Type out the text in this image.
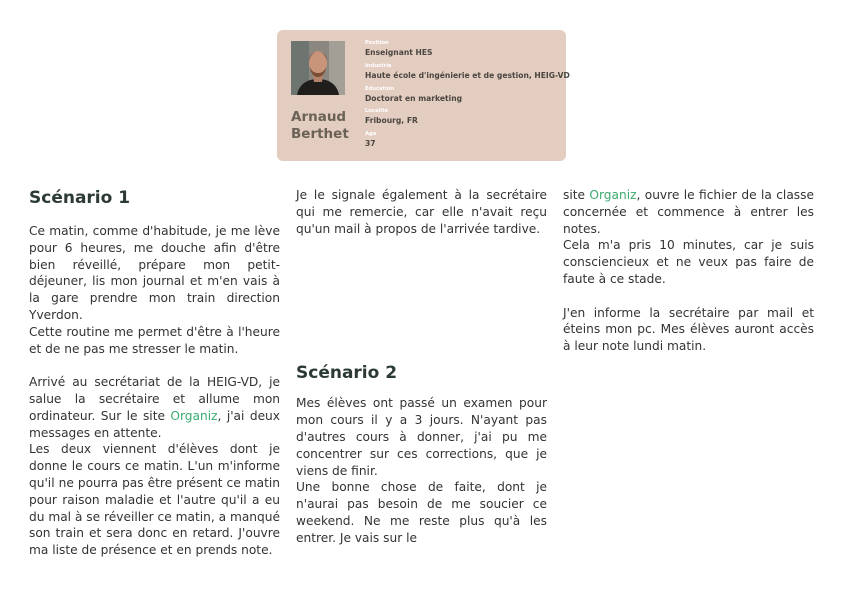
Arnaud
Berthet
Position
Enseignant HES
Industrie
Haute école d'ingénierie et de gestion, HEIG-VD
Education
Doctorat en marketing
Localité
Fribourg, FR
Age
37
Scénario 1

Ce matin, comme d'habitude, je me lève pour 6 heures, me douche afin d'être bien réveillé, prépare mon petit-déjeuner, lis mon journal et m'en vais à la gare prendre mon train direction Yverdon.

Cette routine me permet d'être à l'heure et de ne pas me stresser le matin.

Arrivé au secrétariat de la HEIG-VD, je salue la secrétaire et allume mon ordinateur. Sur le site Organiz, j'ai deux messages en attente.

Les deux viennent d'élèves dont je donne le cours ce matin. L'un m'informe qu'il ne pourra pas être présent ce matin pour raison maladie et l'autre qu'il a eu du mal à se réveiller ce matin, a manqué son train et sera donc en retard. J'ouvre ma liste de présence et en prends note.

Je le signale également à la secrétaire qui me remercie, car elle n'avait reçu qu'un mail à propos de l'arrivée tardive.

Scénario 2

Mes élèves ont passé un examen pour mon cours il y a 3 jours. N'ayant pas d'autres cours à donner, j'ai pu me concentrer sur ces corrections, que je viens de finir.

Une bonne chose de faite, dont je n'aurai pas besoin de me soucier ce weekend. Ne me reste plus qu'à les entrer. Je vais sur le

site Organiz, ouvre le fichier de la classe concernée et commence à entrer les notes.

Cela m'a pris 10 minutes, car je suis consciencieux et ne veux pas faire de faute à ce stade.

J'en informe la secrétaire par mail et éteins mon pc. Mes élèves auront accès à leur note lundi matin.
